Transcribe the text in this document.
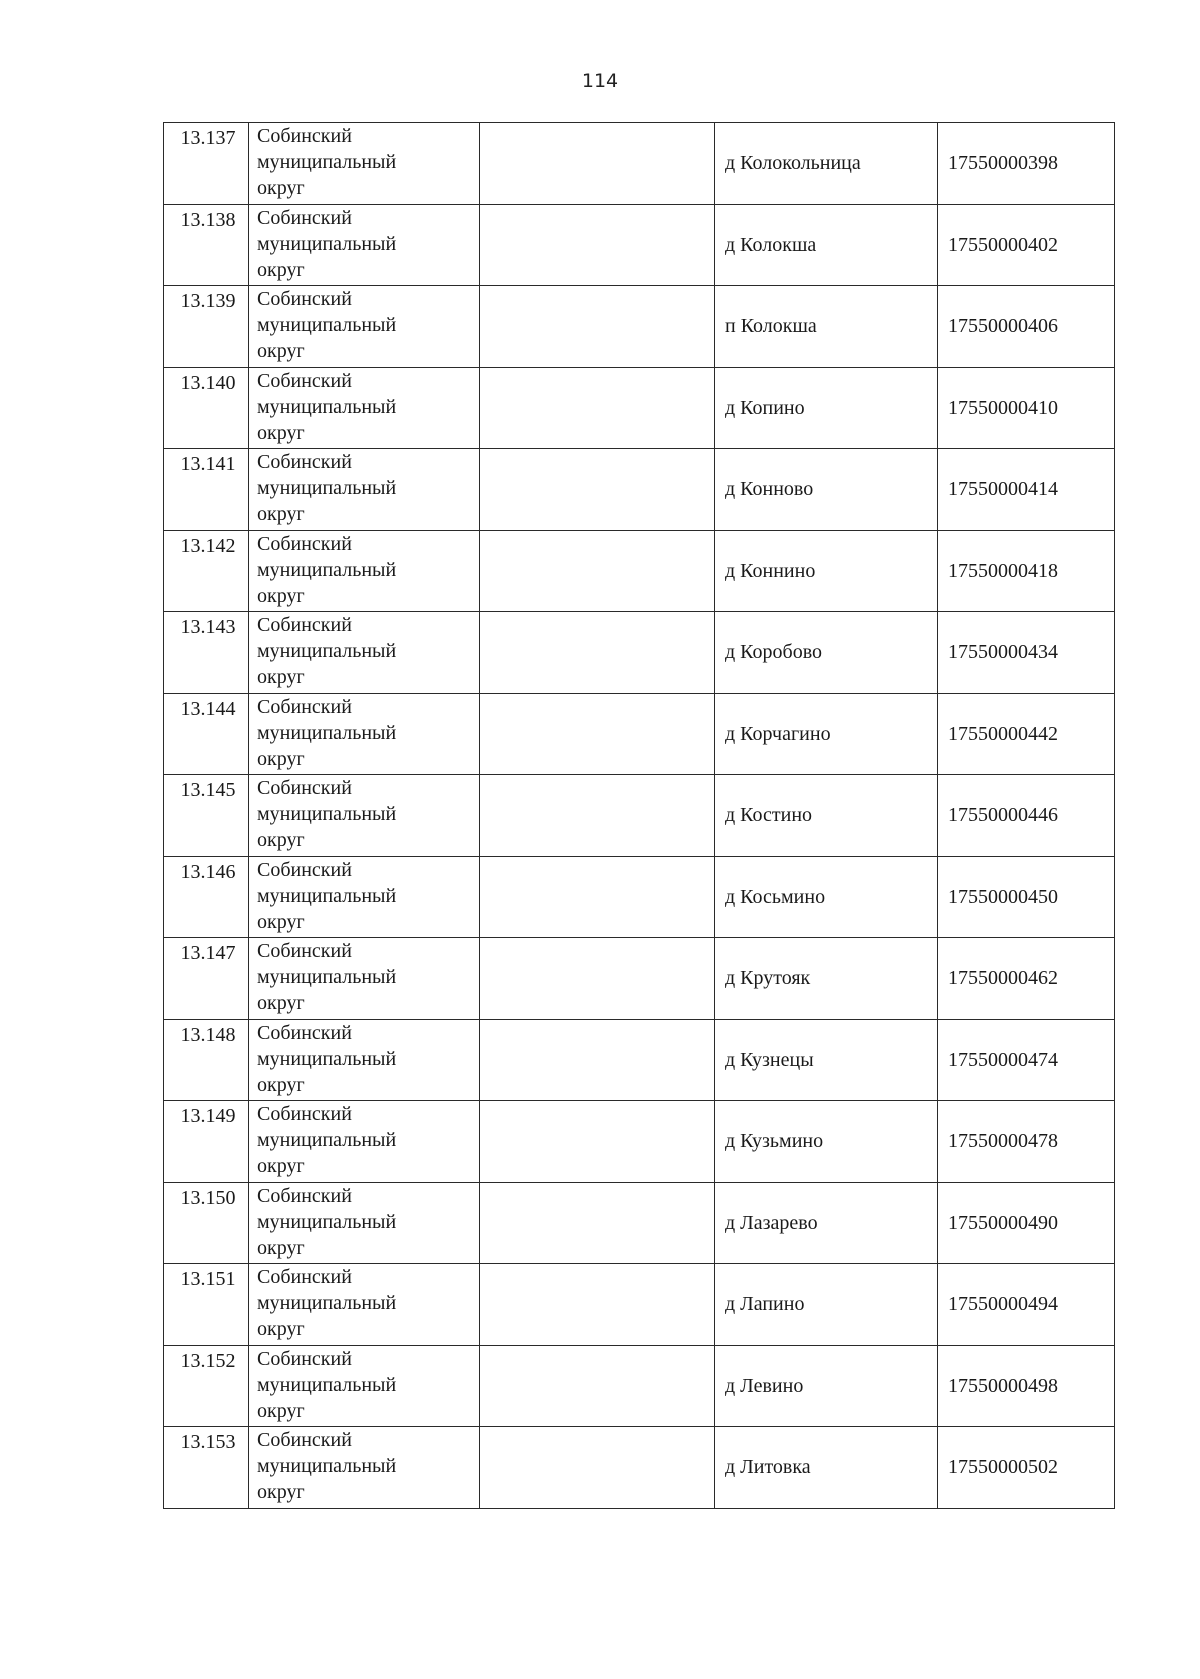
114
13.137	Собинский
муниципальный
округ		д Колокольница	17550000398

13.138	Собинский
муниципальный
округ		д Колокша	17550000402

13.139	Собинский
муниципальный
округ		п Колокша	17550000406

13.140	Собинский
муниципальный
округ		д Копино	17550000410

13.141	Собинский
муниципальный
округ		д Конново	17550000414

13.142	Собинский
муниципальный
округ		д Коннино	17550000418

13.143	Собинский
муниципальный
округ		д Коробово	17550000434

13.144	Собинский
муниципальный
округ		д Корчагино	17550000442

13.145	Собинский
муниципальный
округ		д Костино	17550000446

13.146	Собинский
муниципальный
округ		д Косьмино	17550000450

13.147	Собинский
муниципальный
округ		д Крутояк	17550000462

13.148	Собинский
муниципальный
округ		д Кузнецы	17550000474

13.149	Собинский
муниципальный
округ		д Кузьмино	17550000478

13.150	Собинский
муниципальный
округ		д Лазарево	17550000490

13.151	Собинский
муниципальный
округ		д Лапино	17550000494

13.152	Собинский
муниципальный
округ		д Левино	17550000498

13.153	Собинский
муниципальный
округ		д Литовка	17550000502
